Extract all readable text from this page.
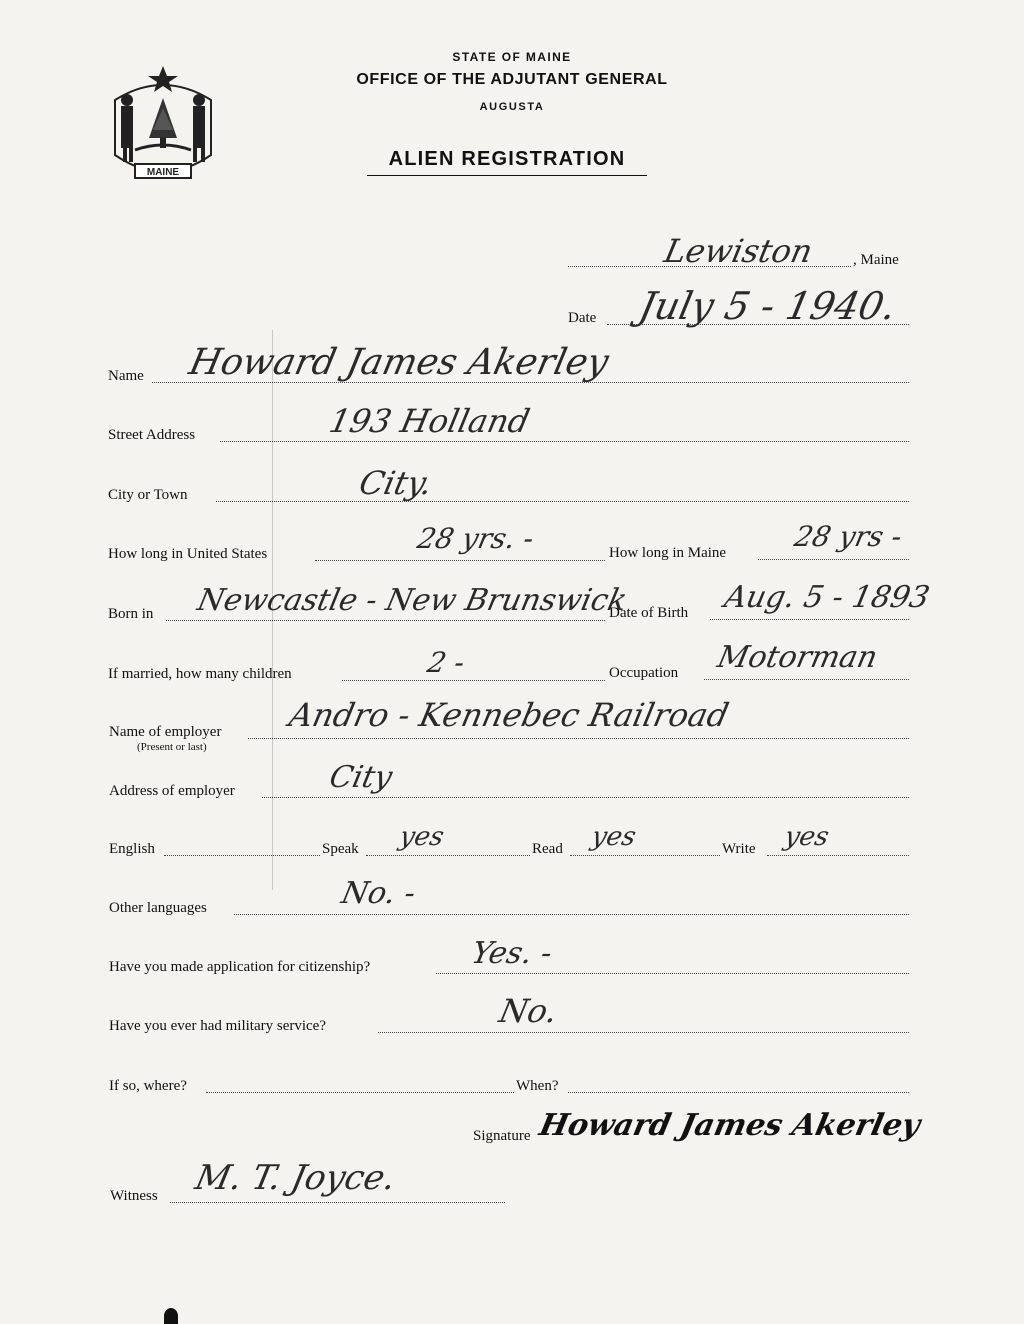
MAINE
STATE OF MAINE
OFFICE OF THE ADJUTANT GENERAL
AUGUSTA
ALIEN REGISTRATION
Lewiston , Maine
Date July 5 - 1940.
Name Howard James Akerley
Street Address	193 Holland
City or Town	City.
How long in United States	28 yrs. -	How long in Maine 28 yrs -
Born in Newcastle - New Brunswick
Date of Birth Aug. 5 - 1893
If married, how many children	2 -	Occupation Motorman
Name of employer
(Present or last)
Andro - Kennebec Railroad
Address of employer	City
English	Speak yes	Read yes	Write yes
Other languages	No. -
Have you made application for citizenship?	Yes. -
Have you ever had military service?	No.
If so, where?	When?
Signature Howard James Akerley
Witness M. T. Joyce.
